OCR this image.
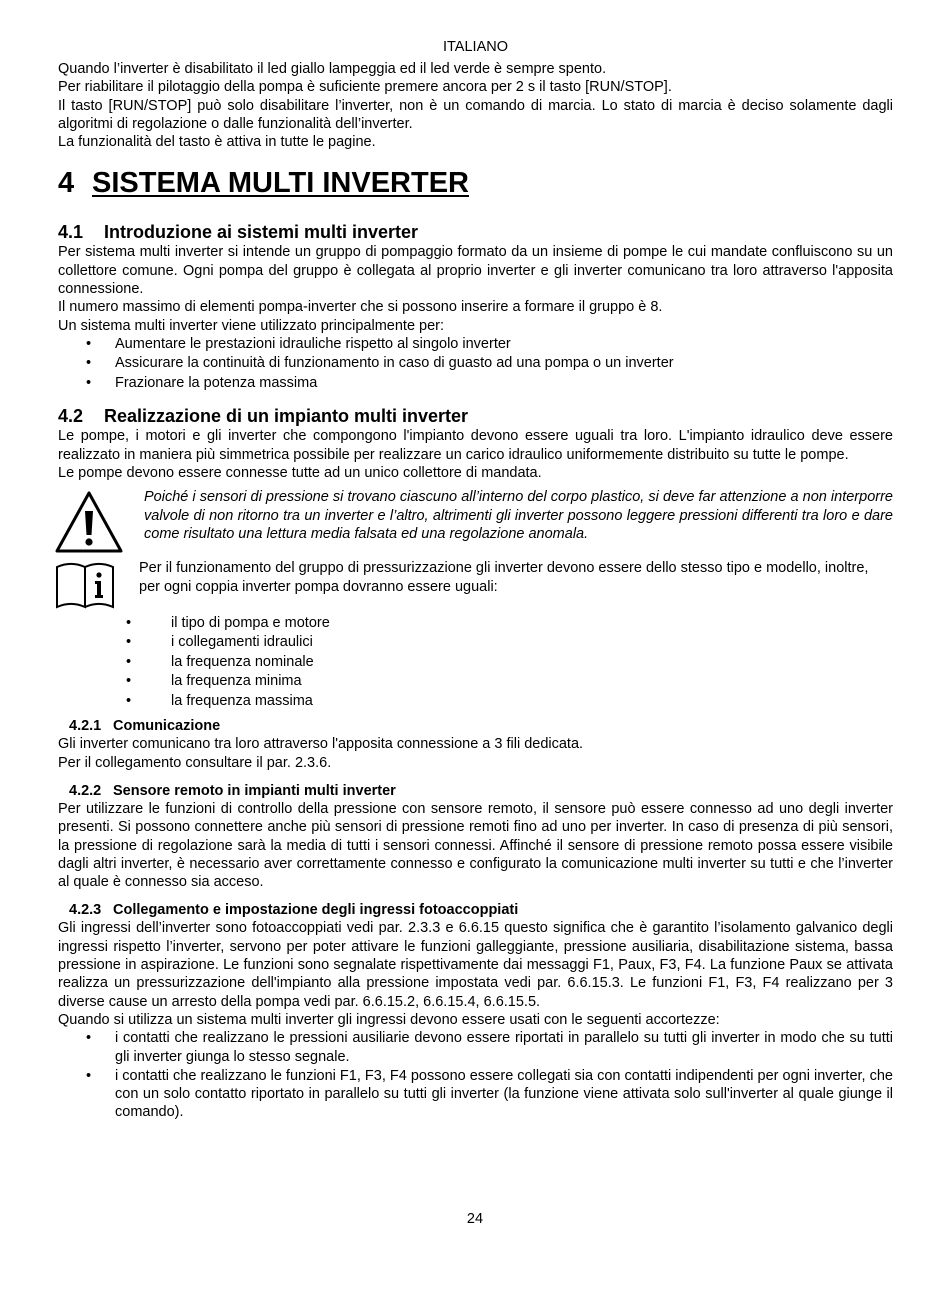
ITALIANO

Quando l’inverter è disabilitato il led giallo lampeggia ed il led verde è sempre spento.

Per riabilitare il pilotaggio della pompa è suficiente premere ancora per 2 s il tasto [RUN/STOP].

Il tasto [RUN/STOP] può solo disabilitare l’inverter, non è un comando di marcia. Lo stato di marcia è deciso solamente dagli algoritmi di regolazione o dalle funzionalità dell’inverter.

La funzionalità del tasto è attiva in tutte le pagine.

4 SISTEMA MULTI INVERTER
4.1 Introduzione ai sistemi multi inverter

Per sistema multi inverter si intende un gruppo di pompaggio formato da un insieme di pompe le cui mandate confluiscono su un collettore comune. Ogni pompa del gruppo è collegata al proprio inverter e gli inverter comunicano tra loro attraverso l'apposita connessione.

Il numero massimo di elementi pompa-inverter che si possono inserire a formare il gruppo è 8.

Un sistema multi inverter viene utilizzato principalmente per:

• Aumentare le prestazioni idrauliche rispetto al singolo inverter
• Assicurare la continuità di funzionamento in caso di guasto ad una pompa o un inverter
• Frazionare la potenza massima
4.2 Realizzazione di un impianto multi inverter

Le pompe, i motori e gli inverter che compongono l'impianto devono essere uguali tra loro. L'impianto idraulico deve essere realizzato in maniera più simmetrica possibile per realizzare un carico idraulico uniformemente distribuito su tutte le pompe.

Le pompe devono essere connesse tutte ad un unico collettore di mandata.

Poiché i sensori di pressione si trovano ciascuno all’interno del corpo plastico, si deve far attenzione a non interporre valvole di non ritorno tra un inverter e l’altro, altrimenti gli inverter possono leggere pressioni differenti tra loro e dare come risultato una lettura media falsata ed una regolazione anomala.

Per il funzionamento del gruppo di pressurizzazione gli inverter devono essere dello stesso tipo e modello, inoltre, per ogni coppia inverter pompa dovranno essere uguali:

•	il tipo di pompa e motore
•	i collegamenti idraulici
•	la frequenza nominale
•	la frequenza minima
•	la frequenza massima
4.2.1 Comunicazione

Gli inverter comunicano tra loro attraverso l'apposita connessione a 3 fili dedicata.

Per il collegamento consultare il par. 2.3.6.

4.2.2 Sensore remoto in impianti multi inverter

Per utilizzare le funzioni di controllo della pressione con sensore remoto, il sensore può essere connesso ad uno degli inverter presenti. Si possono connettere anche più sensori di pressione remoti fino ad uno per inverter. In caso di presenza di più sensori, la pressione di regolazione sarà la media di tutti i sensori connessi. Affinché il sensore di pressione remoto possa essere visibile dagli altri inverter, è necessario aver correttamente connesso e configurato la comunicazione multi inverter su tutti e che l’inverter al quale è connesso sia acceso.

4.2.3 Collegamento e impostazione degli ingressi fotoaccoppiati

Gli ingressi dell’inverter sono fotoaccoppiati vedi par. 2.3.3 e 6.6.15 questo significa che è garantito l’isolamento galvanico degli ingressi rispetto l’inverter, servono per poter attivare le funzioni galleggiante, pressione ausiliaria, disabilitazione sistema, bassa pressione in aspirazione. Le funzioni sono segnalate rispettivamente dai messaggi F1, Paux, F3, F4. La funzione Paux se attivata realizza un pressurizzazione dell'impianto alla pressione impostata vedi par. 6.6.15.3. Le funzioni F1, F3, F4 realizzano per 3 diverse cause un arresto della pompa vedi par. 6.6.15.2, 6.6.15.4, 6.6.15.5.

Quando si utilizza un sistema multi inverter gli ingressi devono essere usati con le seguenti accortezze:

• i contatti che realizzano le pressioni ausiliarie devono essere riportati in parallelo su tutti gli inverter in modo che su tutti gli inverter giunga lo stesso segnale.
• i contatti che realizzano le funzioni F1, F3, F4 possono essere collegati sia con contatti indipendenti per ogni inverter, che con un solo contatto riportato in parallelo su tutti gli inverter (la funzione viene attivata solo sull'inverter al quale giunge il comando).
24
